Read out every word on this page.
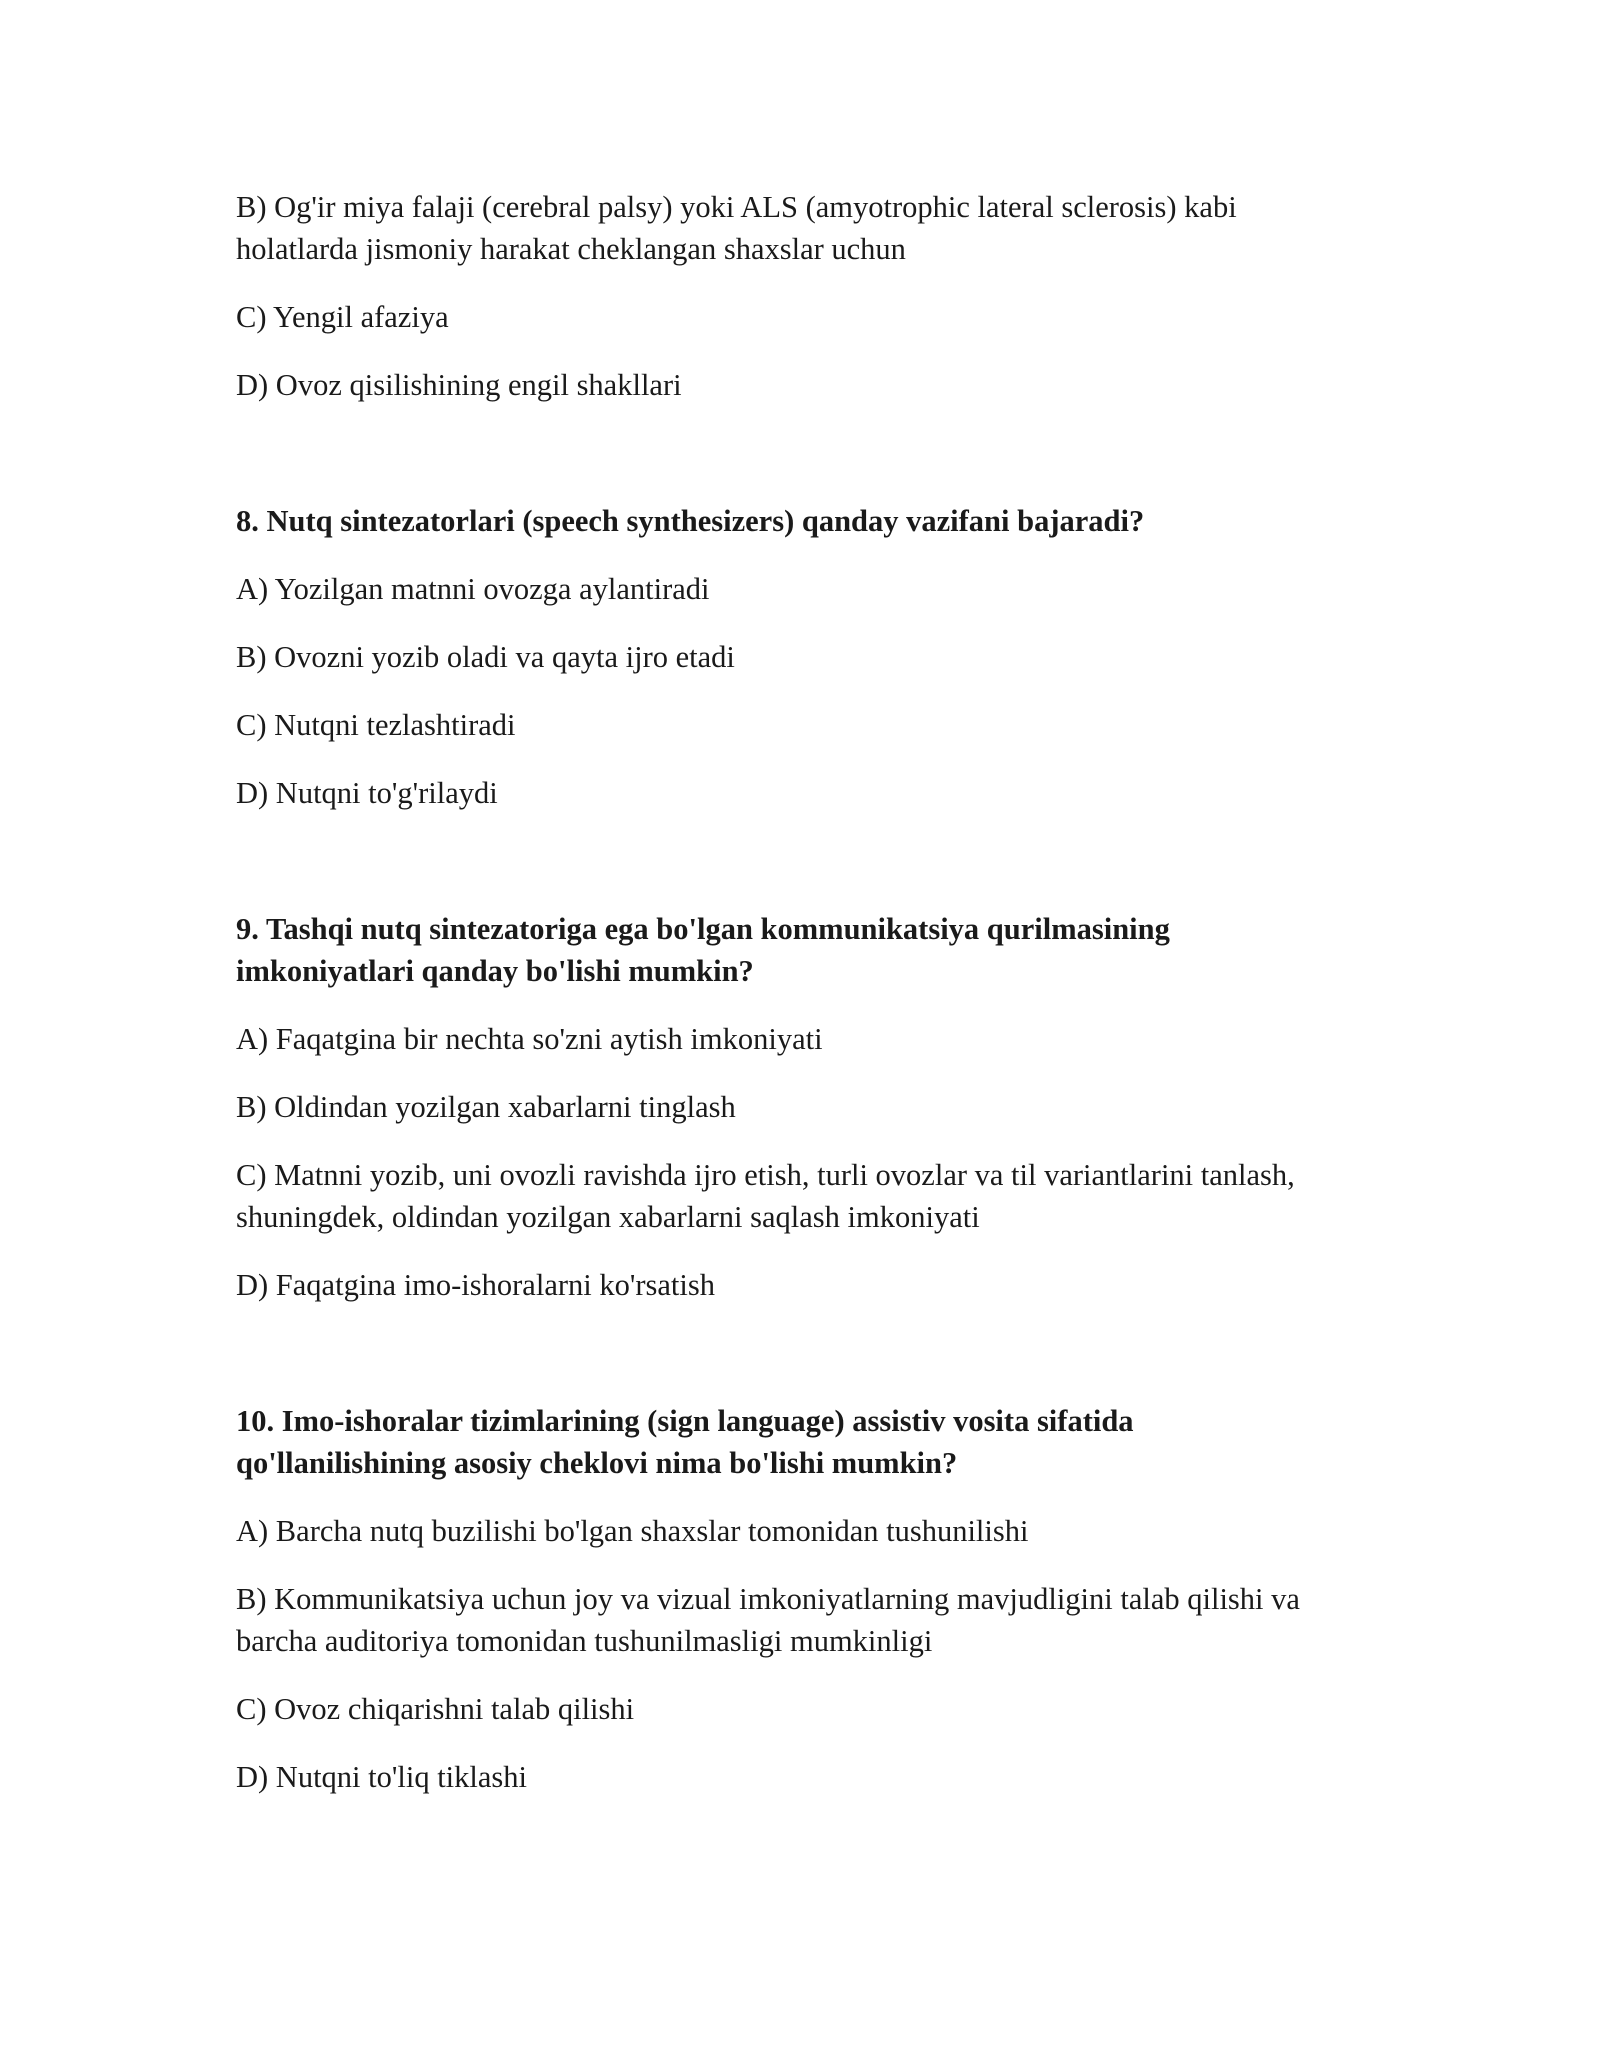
B) Og'ir miya falaji (cerebral palsy) yoki ALS (amyotrophic lateral sclerosis) kabi

holatlarda jismoniy harakat cheklangan shaxslar uchun

C) Yengil afaziya

D) Ovoz qisilishining engil shakllari

8. Nutq sintezatorlari (speech synthesizers) qanday vazifani bajaradi?

A) Yozilgan matnni ovozga aylantiradi

B) Ovozni yozib oladi va qayta ijro etadi

C) Nutqni tezlashtiradi

D) Nutqni to'g'rilaydi

9. Tashqi nutq sintezatoriga ega bo'lgan kommunikatsiya qurilmasining

imkoniyatlari qanday bo'lishi mumkin?

A) Faqatgina bir nechta so'zni aytish imkoniyati

B) Oldindan yozilgan xabarlarni tinglash

C) Matnni yozib, uni ovozli ravishda ijro etish, turli ovozlar va til variantlarini tanlash,

shuningdek, oldindan yozilgan xabarlarni saqlash imkoniyati

D) Faqatgina imo-ishoralarni ko'rsatish

10. Imo-ishoralar tizimlarining (sign language) assistiv vosita sifatida

qo'llanilishining asosiy cheklovi nima bo'lishi mumkin?

A) Barcha nutq buzilishi bo'lgan shaxslar tomonidan tushunilishi

B) Kommunikatsiya uchun joy va vizual imkoniyatlarning mavjudligini talab qilishi va

barcha auditoriya tomonidan tushunilmasligi mumkinligi

C) Ovoz chiqarishni talab qilishi

D) Nutqni to'liq tiklashi
